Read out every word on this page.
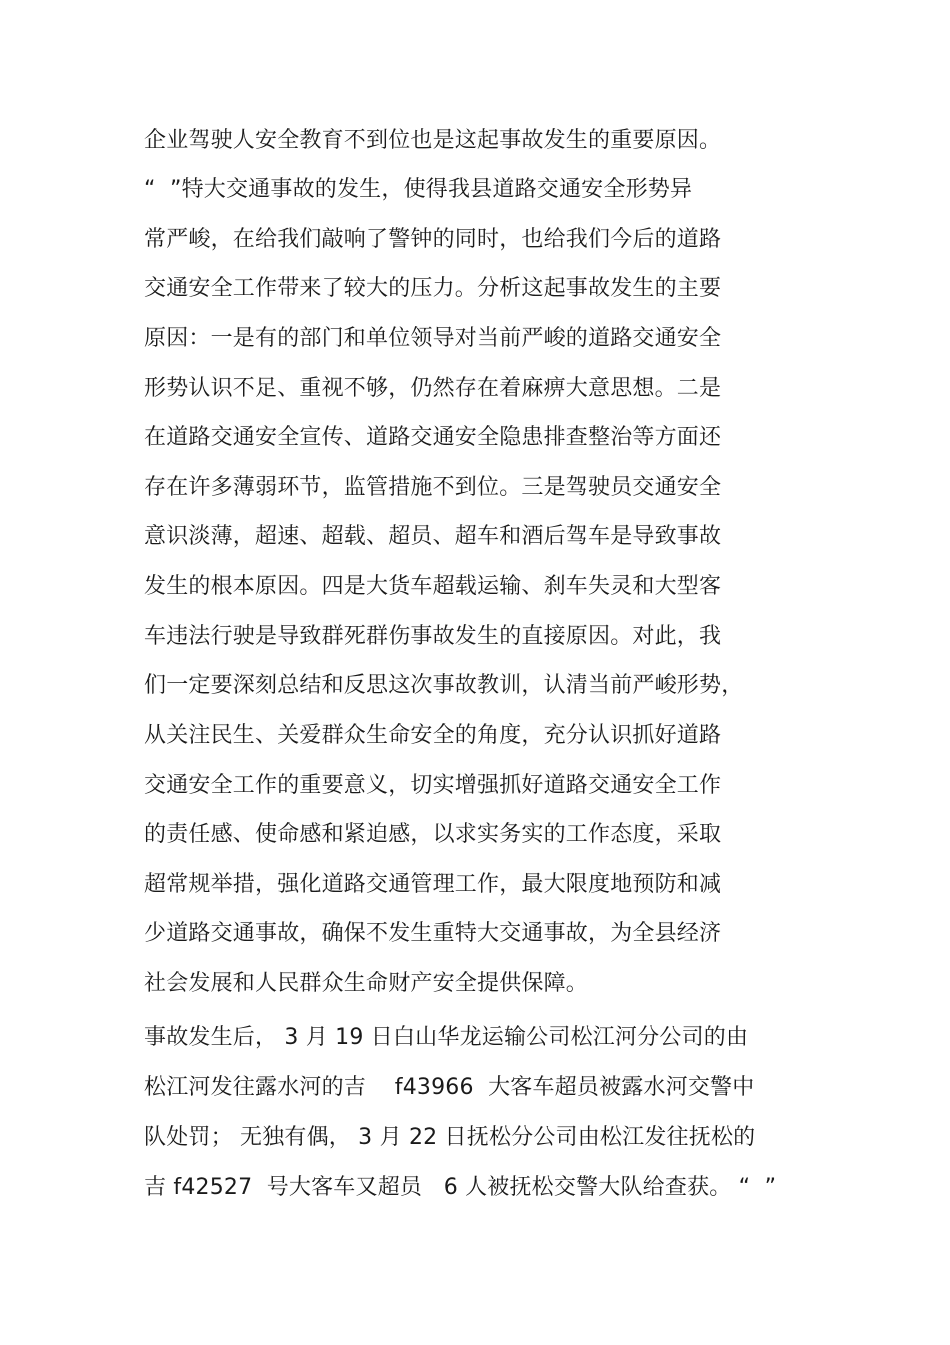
企业驾驶人安全教育不到位也是这起事故发生的重要原因。
“  ”特大交通事故的发生，使得我县道路交通安全形势异
常严峻，在给我们敲响了警钟的同时，也给我们今后的道路
交通安全工作带来了较大的压力。分析这起事故发生的主要
原因：一是有的部门和单位领导对当前严峻的道路交通安全
形势认识不足、重视不够，仍然存在着麻痹大意思想。二是
在道路交通安全宣传、道路交通安全隐患排查整治等方面还
存在许多薄弱环节，监管措施不到位。三是驾驶员交通安全
意识淡薄，超速、超载、超员、超车和酒后驾车是导致事故
发生的根本原因。四是大货车超载运输、刹车失灵和大型客
车违法行驶是导致群死群伤事故发生的直接原因。对此，我
们一定要深刻总结和反思这次事故教训，认清当前严峻形势，
从关注民生、关爱群众生命安全的角度，充分认识抓好道路
交通安全工作的重要意义，切实增强抓好道路交通安全工作
的责任感、使命感和紧迫感，以求实务实的工作态度，采取
超常规举措，强化道路交通管理工作，最大限度地预防和减
少道路交通事故，确保不发生重特大交通事故，为全县经济
社会发展和人民群众生命财产安全提供保障。
事故发生后， 3 月 19 日白山华龙运输公司松江河分公司的由
松江河发往露水河的吉    f43966  大客车超员被露水河交警中
队处罚； 无独有偶， 3 月 22 日抚松分公司由松江发往抚松的
吉 f42527  号大客车又超员   6 人被抚松交警大队给查获。 “  ”
